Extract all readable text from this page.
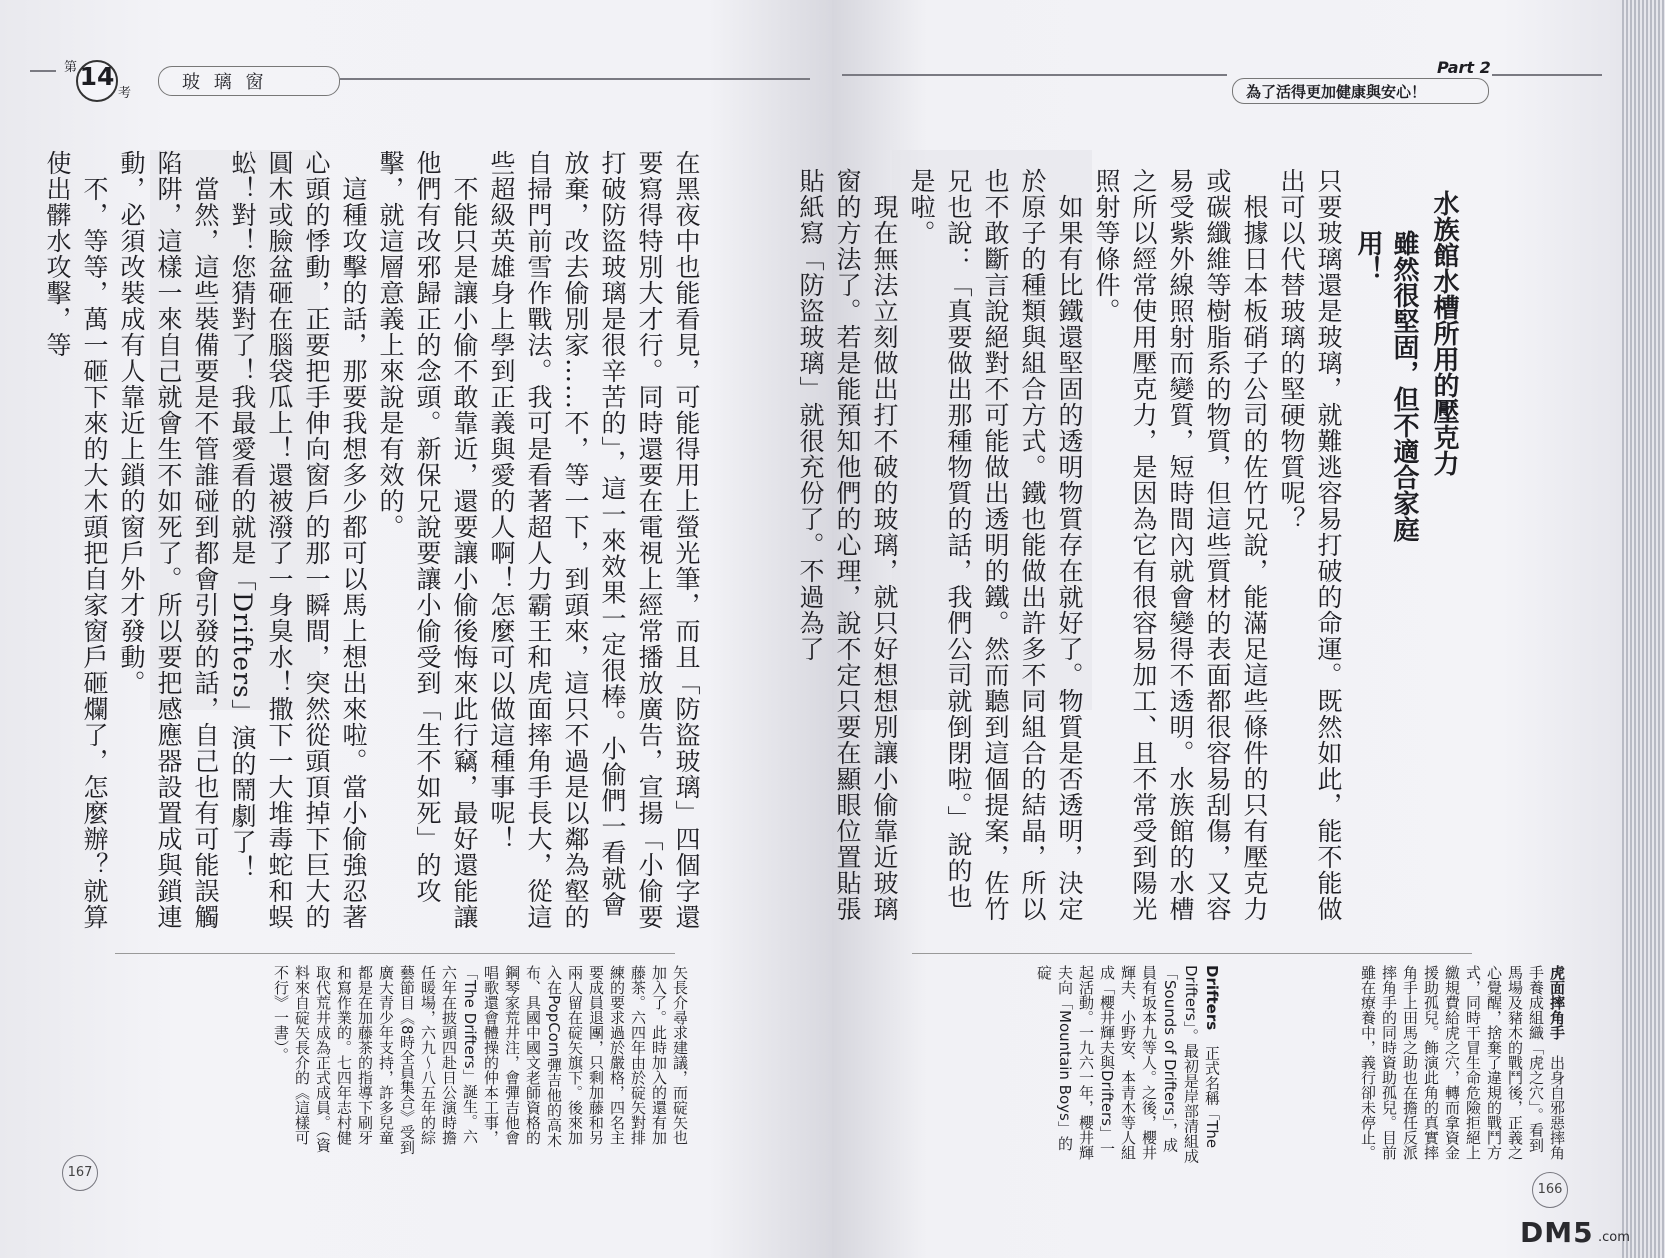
第 14
考
玻 璃 窗
在黑夜中也能看見，可能得用上螢光筆，而且「防盜玻璃」四個字還要寫得特別大才行。同時還要在電視上經常播放廣告，宣揚「小偷要打破防盜玻璃是很辛苦的」，這一來效果一定很棒。小偷們一看就會放棄，改去偷別家……不，等一下，到頭來，這只不過是以鄰為壑的自掃門前雪作戰法。我可是看著超人力霸王和虎面摔角手長大，從這些超級英雄身上學到正義與愛的人啊！怎麼可以做這種事呢！
　不能只是讓小偷不敢靠近，還要讓小偷後悔來此行竊，最好還能讓他們有改邪歸正的念頭。新保兄說要讓小偷受到「生不如死」的攻擊，就這層意義上來說是有效的。
　這種攻擊的話，那要我想多少都可以馬上想出來啦。當小偷強忍著心頭的悸動，正要把手伸向窗戶的那一瞬間，突然從頭頂掉下巨大的圓木或臉盆砸在腦袋瓜上！還被潑了一身臭水！撒下一大堆毒蛇和蜈蚣！對！您猜對了！我最愛看的就是「Drifters」演的鬧劇了！
　當然，這些裝備要是不管誰碰到都會引發的話，自己也有可能誤觸陷阱，這樣一來自己就會生不如死了。所以要把感應器設置成與鎖連動，必須改裝成有人靠近上鎖的窗戶外才發動。
　不，等等，萬一砸下來的大木頭把自家窗戶砸爛了，怎麼辦？就算使出髒水攻擊，等
矢長介尋求建議，而碇矢也加入了。此時加入的還有加藤茶。六四年由於碇矢對排練的要求過於嚴格，四名主要成員退團，只剩加藤和另兩人留在碇矢旗下。後來加入在PopCorn彈吉他的高木布、具國中國文老師資格的鋼琴家荒井注，會彈吉他會唱歌還會體操的仲本工事，「The Drifters」誕生。六六年在披頭四赴日公演時擔任暖場，六九～八五年的綜藝節目《8時全員集合》受到廣大青少年支持，許多兒童都是在加藤茶的指導下刷牙和寫作業的。七四年志村健取代荒井成為正式成員。（資料來自碇矢長介的《這樣可不行》一書）。
167
Part 2
為了活得更加健康與安心！
水族館水槽所用的壓克力
雖然很堅固，但不適合家庭用！
只要玻璃還是玻璃，就難逃容易打破的命運。既然如此，能不能做出可以代替玻璃的堅硬物質呢？
　根據日本板硝子公司的佐竹兄說，能滿足這些條件的只有壓克力或碳纖維等樹脂系的物質，但這些質材的表面都很容易刮傷，又容易受紫外線照射而變質，短時間內就會變得不透明。水族館的水槽之所以經常使用壓克力，是因為它有很容易加工、且不常受到陽光照射等條件。
　如果有比鐵還堅固的透明物質存在就好了。物質是否透明，決定於原子的種類與組合方式。鐵也能做出許多不同組合的結晶，所以也不敢斷言說絕對不可能做出透明的鐵。然而聽到這個提案，佐竹兄也說：「真要做出那種物質的話，我們公司就倒閉啦。」說的也是啦。
　現在無法立刻做出打不破的玻璃，就只好想想別讓小偷靠近玻璃窗的方法了。若是能預知他們的心理，說不定只要在顯眼位置貼張貼紙寫「防盜玻璃」就很充份了。不過為了
虎面摔角手　出身自邪惡摔角手養成組織「虎之穴」。看到馬場及豬木的戰鬥後，正義之心覺醒，捨棄了違規的戰鬥方式，同時干冒生命危險拒絕上繳規費給虎之穴，轉而拿資金援助孤兒。飾演此角的真實摔角手上田馬之助也在擔任反派摔角手的同時資助孤兒。目前雖在療養中，義行卻未停止。
Drifters　正式名稱「The Drifters」。最初是岸部清組成「Sounds of Drifters」，成員有坂本九等人。之後，櫻井輝夫、小野安、本青木等人組成「櫻井輝夫與Drifters」一起活動。一九六一年，櫻井輝夫向「Mountain Boys」的碇
166
DM5 .com
